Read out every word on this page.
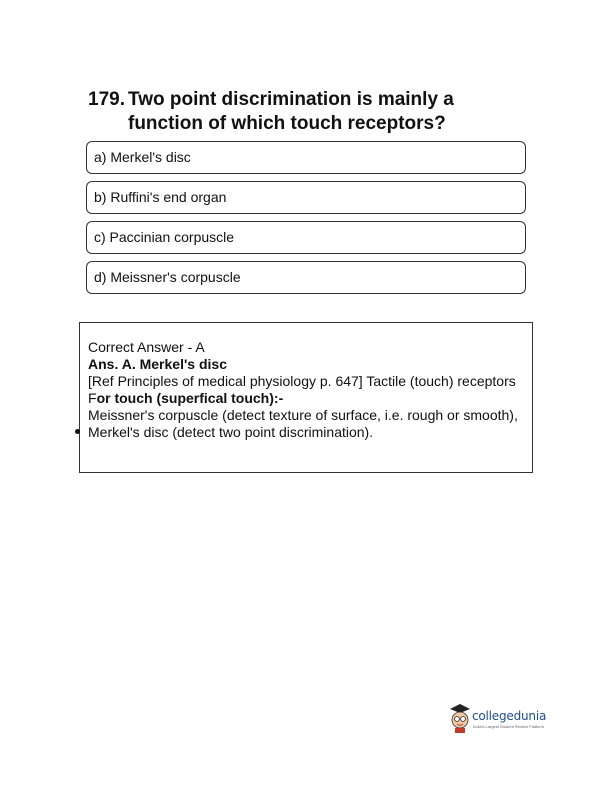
179. Two point discrimination is mainly a function of which touch receptors?
a) Merkel's disc
b) Ruffini's end organ
c) Paccinian corpuscle
d) Meissner's corpuscle
Correct Answer - A
Ans. A. Merkel's disc
[Ref Principles of medical physiology p. 647] Tactile (touch) receptors
For touch (superfical touch):-
Meissner's corpuscle (detect texture of surface, i.e. rough or smooth), Merkel's disc (detect two point discrimination).
collegedunia
India's Largest Student Review Platform
